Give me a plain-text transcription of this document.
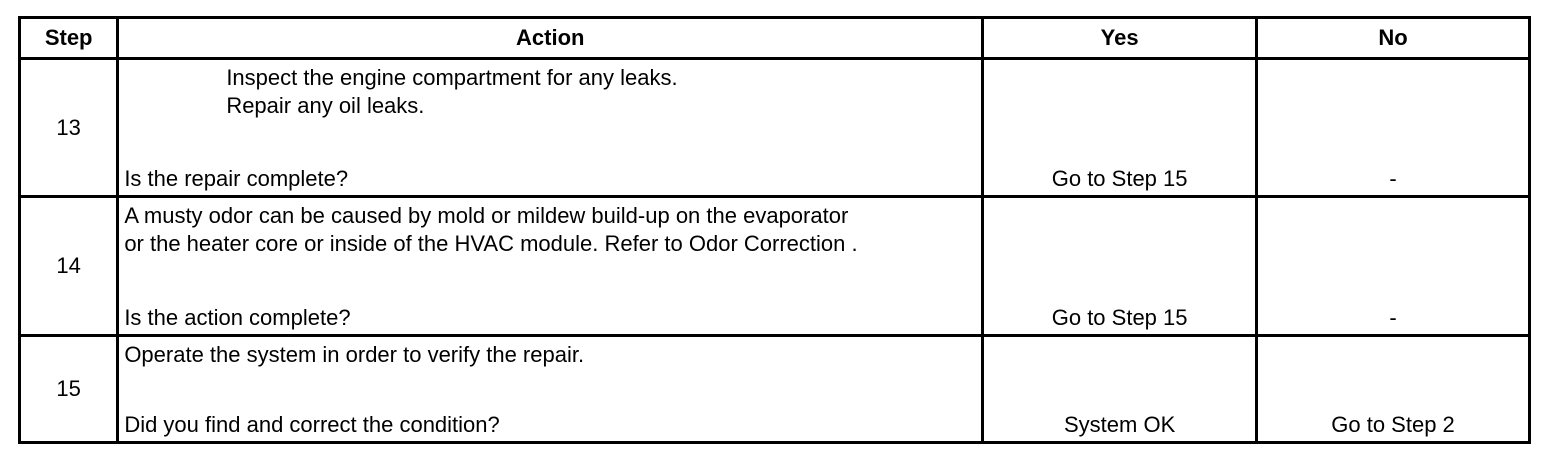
Step	Action	Yes	No
13	Inspect the engine compartment for any leaks.
Repair any oil leaks.
Is the repair complete?	Go to Step 15	-

14	A musty odor can be caused by mold or mildew build-up on the evaporator
or the heater core or inside of the HVAC module. Refer to Odor Correction .
Is the action complete?	Go to Step 15	-

15	Operate the system in order to verify the repair.
Did you find and correct the condition?	System OK	Go to Step 2
